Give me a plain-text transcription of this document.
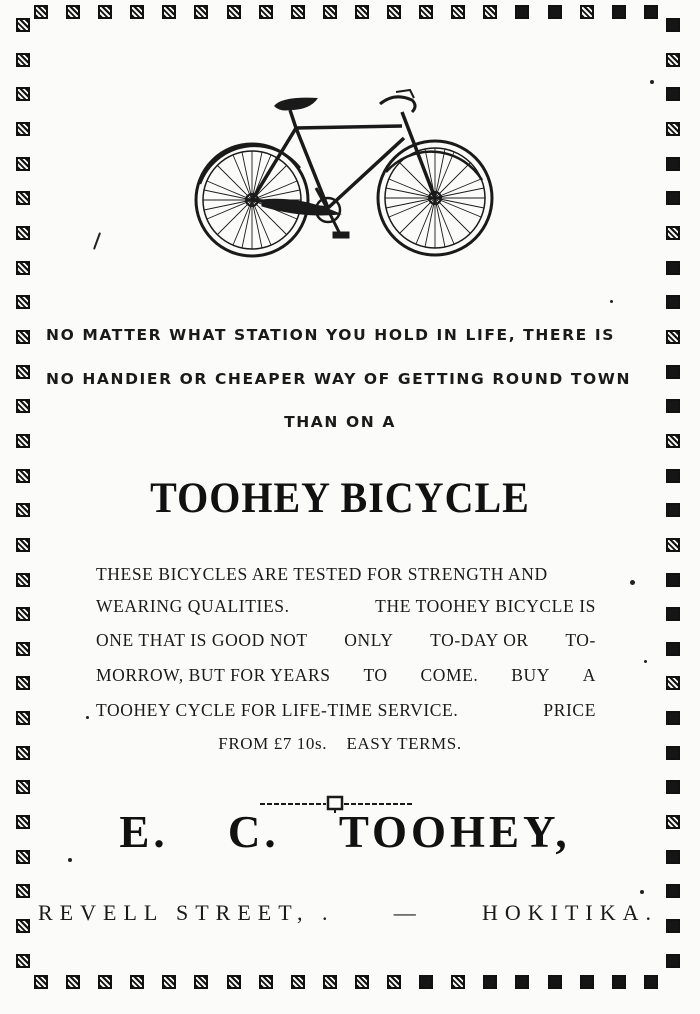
NO MATTER WHAT STATION YOU HOLD IN LIFE, THERE IS
NO HANDIER OR CHEAPER WAY OF GETTING ROUND TOWN
THAN ON A
TOOHEY BICYCLE
THESE BICYCLES ARE TESTED FOR STRENGTH AND
WEARING QUALITIES.	THE TOOHEY BICYCLE IS
ONE THAT IS GOOD NOT ONLY TO-DAY OR TO-
MORROW, BUT FOR YEARS TO COME. BUY A
TOOHEY CYCLE FOR LIFE-TIME SERVICE.	PRICE
FROM £7 10s.    EASY TERMS.
E. C. TOOHEY,
REVELL STREET, .	—	HOKITIKA.
